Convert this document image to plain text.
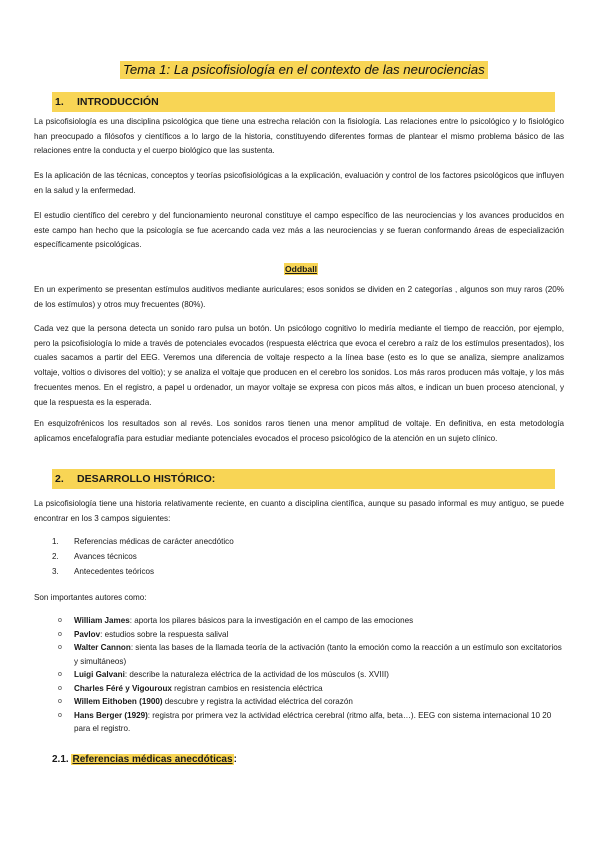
Tema 1: La psicofisiología en el contexto de las neurociencias
1. INTRODUCCIÓN

La psicofisiología es una disciplina psicológica que tiene una estrecha relación con la fisiología. Las relaciones entre lo psicológico y lo fisiológico han preocupado a filósofos y científicos a lo largo de la historia, constituyendo diferentes formas de plantear el mismo problema básico de las relaciones entre la conducta y el cuerpo biológico que las sustenta.

Es la aplicación de las técnicas, conceptos y teorías psicofisiológicas a la explicación, evaluación y control de los factores psicológicos que influyen en la salud y la enfermedad.

El estudio científico del cerebro y del funcionamiento neuronal constituye el campo específico de las neurociencias y los avances producidos en este campo han hecho que la psicología se fue acercando cada vez más a las neurociencias y se fueran conformando áreas de especialización específicamente psicológicas.

Oddball

En un experimento se presentan estímulos auditivos mediante auriculares; esos sonidos se dividen en 2 categorías , algunos son muy raros (20% de los estímulos) y otros muy frecuentes (80%).

Cada vez que la persona detecta un sonido raro pulsa un botón. Un psicólogo cognitivo lo mediría mediante el tiempo de reacción, por ejemplo, pero la psicofisiología lo mide a través de potenciales evocados (respuesta eléctrica que evoca el cerebro a raíz de los estímulos presentados), los cuales sacamos a partir del EEG. Veremos una diferencia de voltaje respecto a la línea base (esto es lo que se analiza, siempre analizamos voltaje, voltios o divisores del voltio); y se analiza el voltaje que producen en el cerebro los sonidos. Los más raros producen más voltaje, y los más frecuentes menos. En el registro, a papel u ordenador, un mayor voltaje se expresa con picos más altos, e indican un buen proceso atencional, y que la respuesta es la esperada.

En esquizofrénicos los resultados son al revés. Los sonidos raros tienen una menor amplitud de voltaje. En definitiva, en esta metodología aplicamos encefalografía para estudiar mediante potenciales evocados el proceso psicológico de la atención en un sujeto clínico.

2. DESARROLLO HISTÓRICO:

La psicofisiología tiene una historia relativamente reciente, en cuanto a disciplina científica, aunque su pasado informal es muy antiguo, se puede encontrar en los 3 campos siguientes:

1. Referencias médicas de carácter anecdótico
2. Avances técnicos
3. Antecedentes teóricos

Son importantes autores como:

o William James: aporta los pilares básicos para la investigación en el campo de las emociones
o Pavlov: estudios sobre la respuesta salival
o Walter Cannon: sienta las bases de la llamada teoría de la activación (tanto la emoción como la reacción a un estímulo son excitatorios y simultáneos)
o Luigi Galvani: describe la naturaleza eléctrica de la actividad de los músculos (s. XVIII)
o Charles Féré y Vigouroux registran cambios en resistencia eléctrica
o Willem Eithoben (1900) descubre y registra la actividad eléctrica del corazón
o Hans Berger (1929): registra por primera vez la actividad eléctrica cerebral (ritmo alfa, beta…). EEG con sistema internacional 10 20 para el registro.
2.1. Referencias médicas anecdóticas:
